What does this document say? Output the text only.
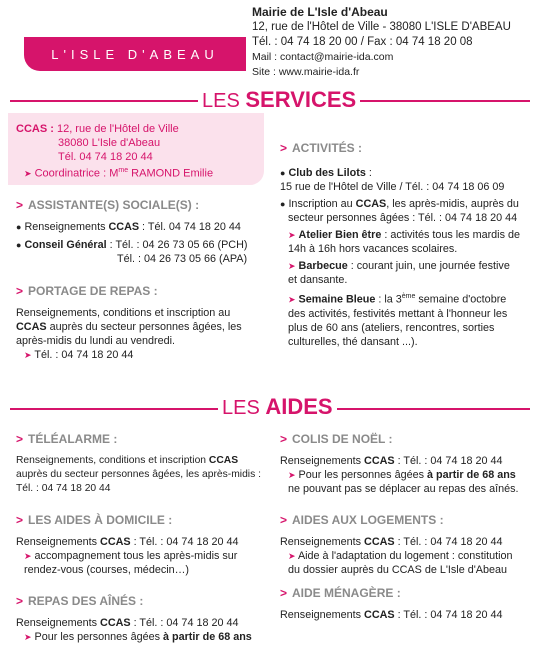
L'ISLE D'ABEAU
Mairie de L'Isle d'Abeau
12, rue de l'Hôtel de Ville - 38080 L'ISLE D'ABEAU
Tél. : 04 74 18 20 00 / Fax : 04 74 18 20 08
Mail : contact@mairie-ida.com
Site : www.mairie-ida.fr
LES SERVICES
CCAS : 12, rue de l'Hôtel de Ville
38080 L'Isle d'Abeau
Tél. 04 74 18 20 44
➤ Coordinatrice : $M^{me}$ RAMOND Emilie
> ASSISTANTE(S) SOCIALE(S) :
● Renseignements CCAS : Tél. 04 74 18 20 44
● Conseil Général : Tél. : 04 26 73 05 66 (PCH)
Tél. : 04 26 73 05 66 (APA)
> PORTAGE DE REPAS :
Renseignements, conditions et inscription au
CCAS auprès du secteur personnes âgées, les
après-midis du lundi au vendredi.
➤ Tél. : 04 74 18 20 44
> ACTIVITÉS :
● Club des Lilots :
15 rue de l'Hôtel de Ville / Tél. : 04 74 18 06 09
● Inscription au CCAS, les après-midis, auprès du
secteur personnes âgées : Tél. : 04 74 18 20 44
➤ Atelier Bien être : activités tous les mardis de
14h à 16h hors vacances scolaires.
➤ Barbecue : courant juin, une journée festive
et dansante.
➤ Semaine Bleue : la 3ème semaine d'octobre
des activités, festivités mettant à l'honneur les
plus de 60 ans (ateliers, rencontres, sorties
culturelles, thé dansant ...).
LES AIDES
> TÉLÉALARME :
Renseignements, conditions et inscription CCAS
auprès du secteur personnes âgées, les après-midis :
Tél. : 04 74 18 20 44
> LES AIDES À DOMICILE :
Renseignements CCAS : Tél. : 04 74 18 20 44
➤ accompagnement tous les après-midis sur
rendez-vous (courses, médecin…)
> REPAS DES AÎNÉS :
Renseignements CCAS : Tél. : 04 74 18 20 44
➤ Pour les personnes âgées à partir de 68 ans
> COLIS DE NOËL :
Renseignements CCAS : Tél. : 04 74 18 20 44
➤ Pour les personnes âgées à partir de 68 ans
ne pouvant pas se déplacer au repas des aînés.
> AIDES AUX LOGEMENTS :
Renseignements CCAS : Tél. : 04 74 18 20 44
➤ Aide à l'adaptation du logement : constitution
du dossier auprès du CCAS de L'Isle d'Abeau
> AIDE MÉNAGÈRE :
Renseignements CCAS : Tél. : 04 74 18 20 44
